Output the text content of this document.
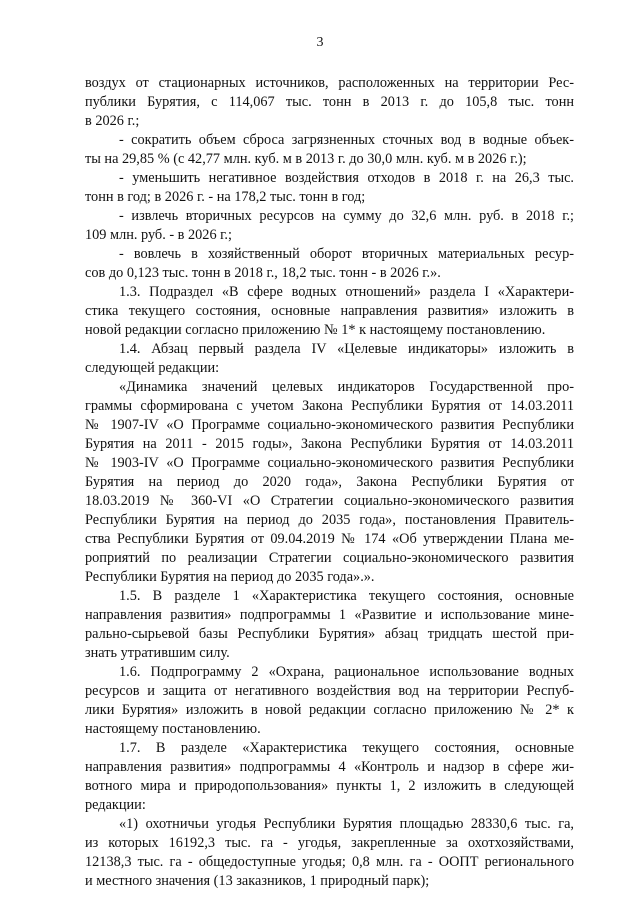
3
воздух от стационарных источников, расположенных на территории Рес-
публики Бурятия, с 114,067 тыс. тонн в 2013 г. до 105,8 тыс. тонн
в 2026 г.;
- сократить объем сброса загрязненных сточных вод в водные объек-
ты на 29,85 % (с 42,77 млн. куб. м в 2013 г. до 30,0 млн. куб. м в 2026 г.);
- уменьшить негативное воздействия отходов в 2018 г. на 26,3 тыс.
тонн в год; в 2026 г. - на 178,2 тыс. тонн в год;
- извлечь вторичных ресурсов на сумму до 32,6 млн. руб. в 2018 г.;
109 млн. руб. - в 2026 г.;
- вовлечь в хозяйственный оборот вторичных материальных ресур-
сов до 0,123 тыс. тонн в 2018 г., 18,2 тыс. тонн - в 2026 г.».
1.3. Подраздел «В сфере водных отношений» раздела I «Характери-
стика текущего состояния, основные направления развития» изложить в
новой редакции согласно приложению № 1* к настоящему постановлению.
1.4. Абзац первый раздела IV «Целевые индикаторы» изложить в
следующей редакции:
«Динамика значений целевых индикаторов Государственной про-
граммы сформирована с учетом Закона Республики Бурятия от 14.03.2011
№ 1907-IV «О Программе социально-экономического развития Республики
Бурятия на 2011 - 2015 годы», Закона Республики Бурятия от 14.03.2011
№ 1903-IV «О Программе социально-экономического развития Республики
Бурятия на период до 2020 года», Закона Республики Бурятия от
18.03.2019 № 360-VI «О Стратегии социально-экономического развития
Республики Бурятия на период до 2035 года», постановления Правитель-
ства Республики Бурятия от 09.04.2019 № 174 «Об утверждении Плана ме-
роприятий по реализации Стратегии социально-экономического развития
Республики Бурятия на период до 2035 года».».
1.5. В разделе 1 «Характеристика текущего состояния, основные
направления развития» подпрограммы 1 «Развитие и использование мине-
рально-сырьевой базы Республики Бурятия» абзац тридцать шестой при-
знать утратившим силу.
1.6. Подпрограмму 2 «Охрана, рациональное использование водных
ресурсов и защита от негативного воздействия вод на территории Респуб-
лики Бурятия» изложить в новой редакции согласно приложению № 2* к
настоящему постановлению.
1.7. В разделе «Характеристика текущего состояния, основные
направления развития» подпрограммы 4 «Контроль и надзор в сфере жи-
вотного мира и природопользования» пункты 1, 2 изложить в следующей
редакции:
«1) охотничьи угодья Республики Бурятия площадью 28330,6 тыс. га,
из которых 16192,3 тыс. га - угодья, закрепленные за охотхозяйствами,
12138,3 тыс. га - общедоступные угодья; 0,8 млн. га - ООПТ регионального
и местного значения (13 заказников, 1 природный парк);
